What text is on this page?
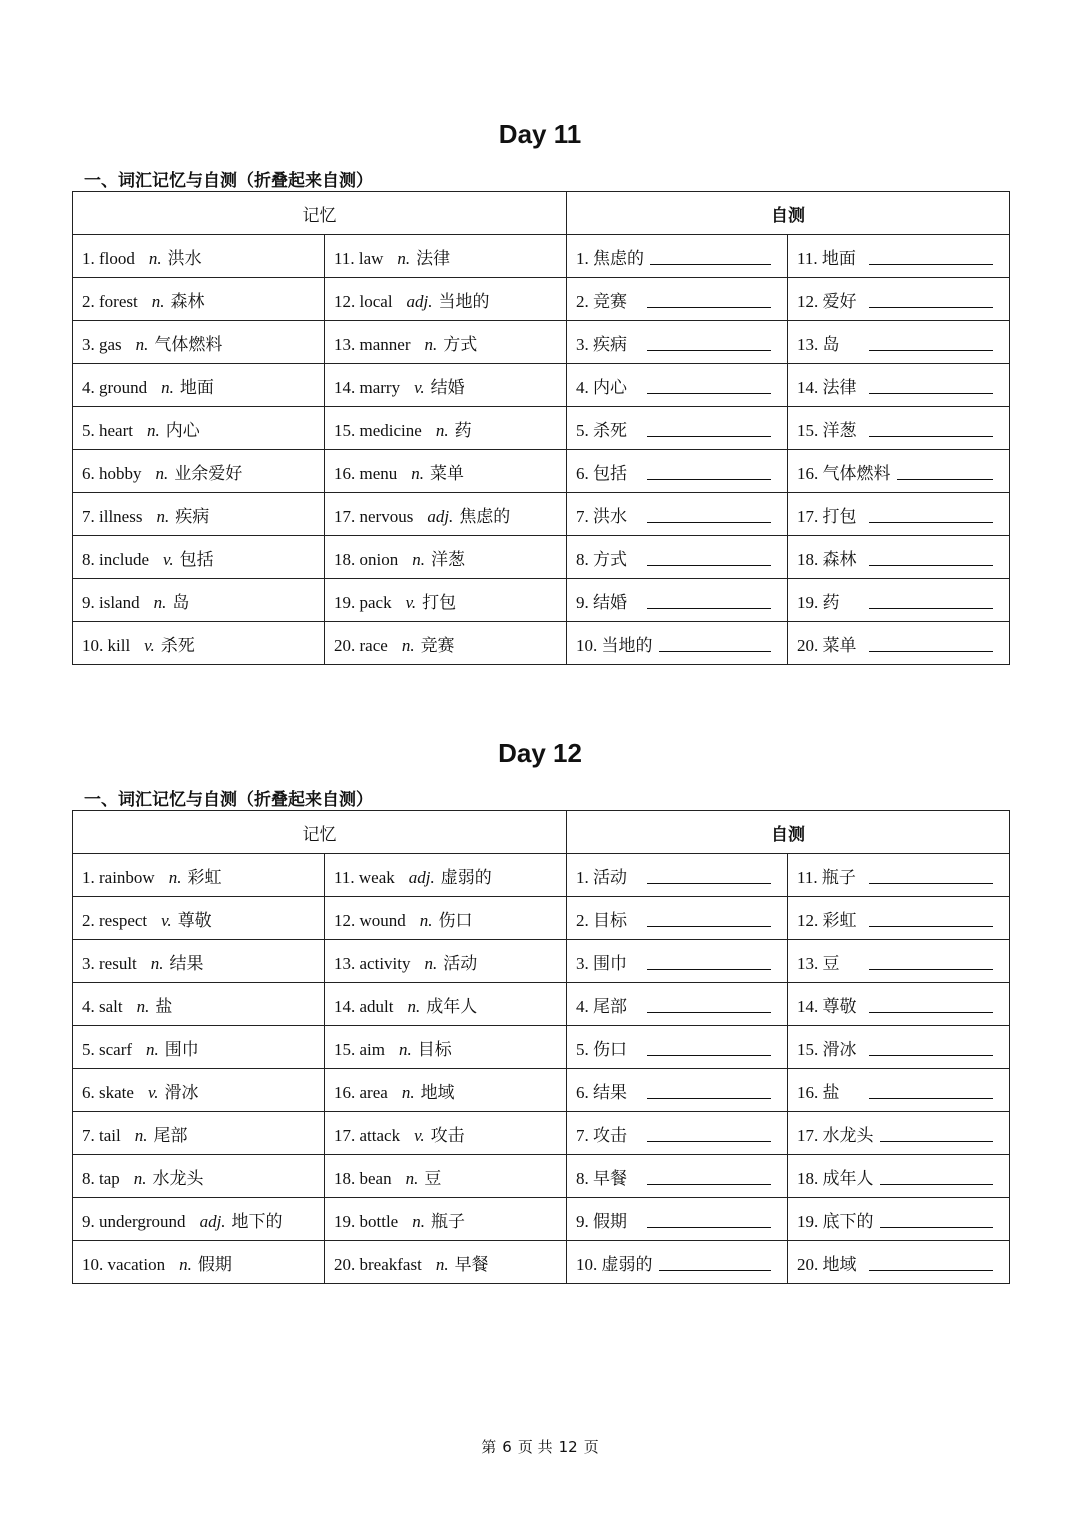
Day 11
一、词汇记忆与自测（折叠起来自测）
记忆		自测	
1. flood n. 洪水	11. law n. 法律	1. 焦虑的	11. 地面

2. forest n. 森林	12. local adj. 当地的	2. 竞赛	12. 爱好

3. gas n. 气体燃料	13. manner n. 方式	3. 疾病	13. 岛

4. ground n. 地面	14. marry v. 结婚	4. 内心	14. 法律

5. heart n. 内心	15. medicine n. 药	5. 杀死	15. 洋葱

6. hobby n. 业余爱好	16. menu n. 菜单	6. 包括	16. 气体燃料

7. illness n. 疾病	17. nervous adj. 焦虑的	7. 洪水	17. 打包

8. include v. 包括	18. onion n. 洋葱	8. 方式	18. 森林

9. island n. 岛	19. pack v. 打包	9. 结婚	19. 药

10. kill v. 杀死	20. race n. 竞赛	10. 当地的	20. 菜单
Day 12
一、词汇记忆与自测（折叠起来自测）
记忆		自测	
1. rainbow n. 彩虹	11. weak adj. 虚弱的	1. 活动	11. 瓶子

2. respect v. 尊敬	12. wound n. 伤口	2. 目标	12. 彩虹

3. result n. 结果	13. activity n. 活动	3. 围巾	13. 豆

4. salt n. 盐	14. adult n. 成年人	4. 尾部	14. 尊敬

5. scarf n. 围巾	15. aim n. 目标	5. 伤口	15. 滑冰

6. skate v. 滑冰	16. area n. 地域	6. 结果	16. 盐

7. tail n. 尾部	17. attack v. 攻击	7. 攻击	17. 水龙头

8. tap n. 水龙头	18. bean n. 豆	8. 早餐	18. 成年人

9. underground adj. 地下的	19. bottle n. 瓶子	9. 假期	19. 底下的

10. vacation n. 假期	20. breakfast n. 早餐	10. 虚弱的	20. 地域
第 6 页 共 12 页
